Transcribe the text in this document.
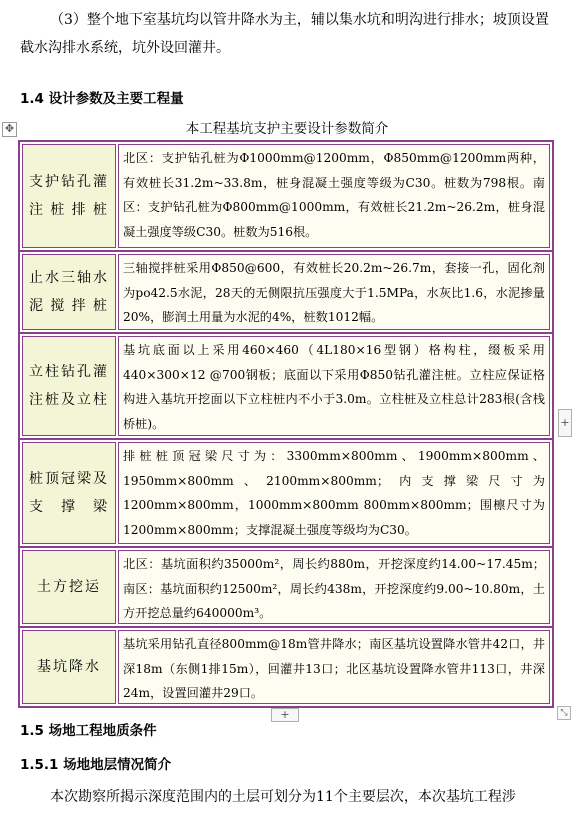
（3）整个地下室基坑均以管井降水为主，辅以集水坑和明沟进行排水；坡顶设置截水沟排水系统，坑外设回灌井。
1.4 设计参数及主要工程量
✥	本工程基坑支护主要设计参数简介
支护钻孔灌注桩排桩
北区：支护钻孔桩为Φ1000mm@1200mm，Φ850mm@1200mm两种，有效桩长31.2m~33.8m，桩身混凝土强度等级为C30。桩数为798根。南区：支护钻孔桩为Φ800mm@1000mm，有效桩长21.2m~26.2m，桩身混凝土强度等级C30。桩数为516根。
止水三轴水泥搅拌桩
三轴搅拌桩采用Φ850@600，有效桩长20.2m~26.7m，套接一孔，固化剂为po42.5水泥，28天的无侧限抗压强度大于1.5MPa，水灰比1.6，水泥掺量20%，膨润土用量为水泥的4%，桩数1012幅。
立柱钻孔灌注桩及立柱
基坑底面以上采用460×460（4L180×16型钢）格构柱，缀板采用440×300×12 @700钢板；底面以下采用Φ850钻孔灌注桩。立柱应保证格构进入基坑开挖面以下立柱桩内不小于3.0m。立柱桩及立柱总计283根(含栈桥桩)。
桩顶冠梁及支撑梁
排桩桩顶冠梁尺寸为：3300mm×800mm、1900mm×800mm、1950mm×800mm、2100mm×800mm；内支撑梁尺寸为1200mm×800mm，1000mm×800mm 800mm×800mm；围檩尺寸为1200mm×800mm；支撑混凝土强度等级均为C30。
土方挖运
北区：基坑面积约35000m²，周长约880m，开挖深度约14.00~17.45m；南区：基坑面积约12500m²，周长约438m，开挖深度约9.00~10.80m，土方开挖总量约640000m³。
基坑降水
基坑采用钻孔直径800mm@18m管井降水；南区基坑设置降水管井42口，井深18m（东侧1排15m），回灌井13口；北区基坑设置降水管井113口，井深24m，设置回灌井29口。
+
+	⤡
1.5 场地工程地质条件
1.5.1 场地地层情况简介
本次勘察所揭示深度范围内的土层可划分为11个主要层次，本次基坑工程涉
